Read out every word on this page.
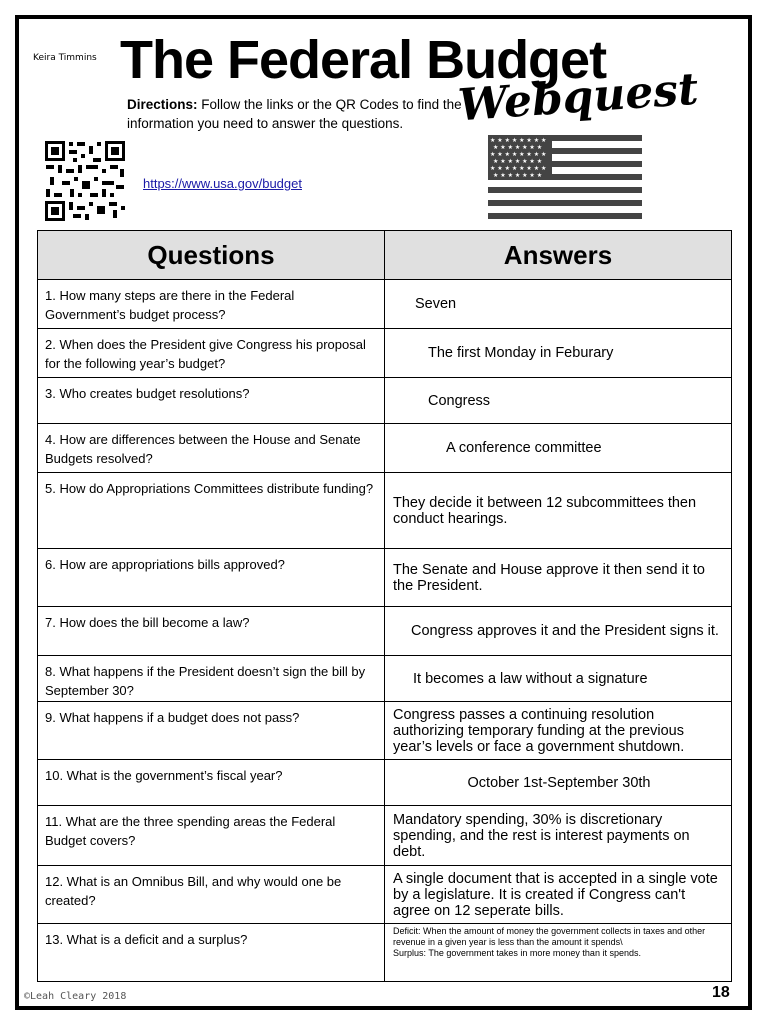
Keira Timmins The Federal Budget
Webquest
Directions: Follow the links or the QR Codes to find the information you need to answer the questions.
https://www.usa.gov/budget
★ ★ ★ ★ ★ ★ ★ ★
★ ★ ★ ★ ★ ★ ★
★ ★ ★ ★ ★ ★ ★ ★
★ ★ ★ ★ ★ ★ ★
★ ★ ★ ★ ★ ★ ★ ★
★ ★ ★ ★ ★ ★ ★
Questions	Answers
1. How many steps are there in the Federal Government’s budget process?	Seven

2. When does the President give Congress his proposal for the following year’s budget?	The first Monday in Feburary

3. Who creates budget resolutions?	Congress

4. How are differences between the House and Senate Budgets resolved?	A conference committee

5. How do Appropriations Committees distribute funding?	They decide it between 12 subcommittees then conduct hearings.
6. How are appropriations bills approved?	The Senate and House approve it then send it to the President.
7. How does the bill become a law?	Congress approves it and the President signs it.

8. What happens if the President doesn’t sign the bill by September 30?	It becomes a law without a signature

9. What happens if a budget does not pass?	Congress passes a continuing resolution authorizing temporary funding at the previous year’s levels or face a government shutdown.
10. What is the government’s fiscal year?	October 1st-September 30th
11. What are the three spending areas the Federal Budget covers?	Mandatory spending, 30% is discretionary spending, and the rest is interest payments on debt.
12. What is an Omnibus Bill, and why would one be created?	A single document that is accepted in a single vote by a legislature. It is created if Congress can't agree on 12 seperate bills.
13. What is a deficit and a surplus?	Deficit: When the amount of money the government collects in taxes and other revenue in a given year is less than the amount it spends\
Surplus: The government takes in more money than it spends.
©Leah Cleary 2018	18
